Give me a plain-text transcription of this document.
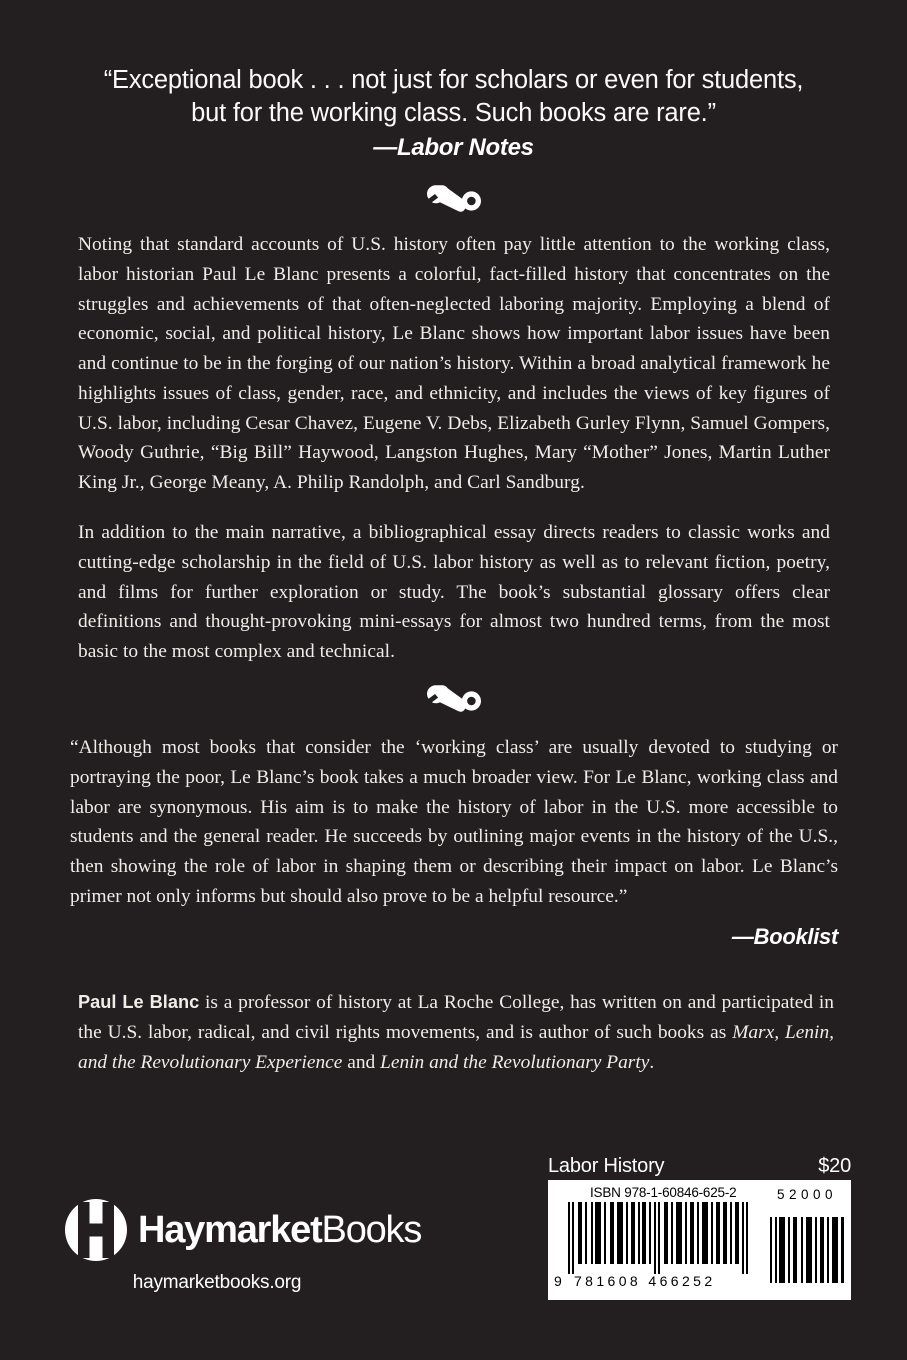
“Exceptional book . . . not just for scholars or even for students,
but for the working class. Such books are rare.”
—Labor Notes

Noting that standard accounts of U.S. history often pay little attention to the working class, labor historian Paul Le Blanc presents a colorful, fact-filled history that concentrates on the struggles and achievements of that often-neglected laboring majority. Employing a blend of economic, social, and political history, Le Blanc shows how important labor issues have been and continue to be in the forging of our nation’s history. Within a broad analytical framework he highlights issues of class, gender, race, and ethnicity, and includes the views of key figures of U.S. labor, including Cesar Chavez, Eugene V. Debs, Elizabeth Gurley Flynn, Samuel Gompers, Woody Guthrie, “Big Bill” Haywood, Langston Hughes, Mary “Mother” Jones, Martin Luther King Jr., George Meany, A. Philip Randolph, and Carl Sandburg.

In addition to the main narrative, a bibliographical essay directs readers to classic works and cutting-edge scholarship in the field of U.S. labor history as well as to relevant fiction, poetry, and films for further exploration or study. The book’s substantial glossary offers clear definitions and thought-provoking mini-essays for almost two hundred terms, from the most basic to the most complex and technical.

“Although most books that consider the ‘working class’ are usually devoted to studying or portraying the poor, Le Blanc’s book takes a much broader view. For Le Blanc, working class and labor are synonymous. His aim is to make the history of labor in the U.S. more accessible to students and the general reader. He succeeds by outlining major events in the history of the U.S., then showing the role of labor in shaping them or describing their impact on labor. Le Blanc’s primer not only informs but should also prove to be a helpful resource.”

—Booklist

Paul Le Blanc is a professor of history at La Roche College, has written on and participated in the U.S. labor, radical, and civil rights movements, and is author of such books as Marx, Lenin, and the Revolutionary Experience and Lenin and the Revolutionary Party.

HaymarketBooks
haymarketbooks.org
Labor History	$20
ISBN 978-1-60846-625-2
781608 466252
9
52000
